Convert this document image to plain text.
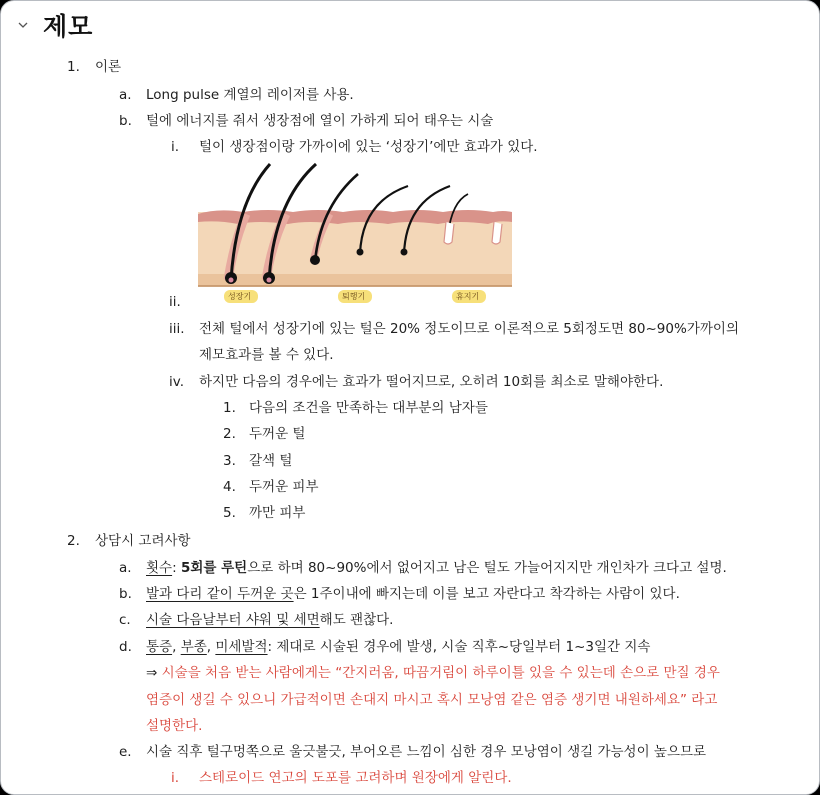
제모
1. 이론
a. Long pulse 계열의 레이저를 사용.
b. 털에 에너지를 줘서 생장점에 열이 가하게 되어 태우는 시술
i. 털이 생장점이랑 가까이에 있는 ‘성장기’에만 효과가 있다.
ii.	성장기	퇴행기	휴지기
iii. 전체 털에서 성장기에 있는 털은 20% 정도이므로 이론적으로 5회정도면 80~90%가까이의
제모효과를 볼 수 있다.
iv. 하지만 다음의 경우에는 효과가 떨어지므로, 오히려 10회를 최소로 말해야한다.
1. 다음의 조건을 만족하는 대부분의 남자들
2. 두꺼운 털
3. 갈색 털
4. 두꺼운 피부
5. 까만 피부
2. 상담시 고려사항
a. 횟수: 5회를 루틴으로 하며 80~90%에서 없어지고 남은 털도 가늘어지지만 개인차가 크다고 설명.
b. 발과 다리 같이 두꺼운 곳은 1주이내에 빠지는데 이를 보고 자란다고 착각하는 사람이 있다.
c. 시술 다음날부터 샤워 및 세면해도 괜찮다.
d. 통증, 부종, 미세발적: 제대로 시술된 경우에 발생, 시술 직후~당일부터 1~3일간 지속
⇒ 시술을 처음 받는 사람에게는 “간지러움, 따끔거림이 하루이틀 있을 수 있는데 손으로 만질 경우
염증이 생길 수 있으니 가급적이면 손대지 마시고 혹시 모낭염 같은 염증 생기면 내원하세요” 라고
설명한다.
e. 시술 직후 털구멍쪽으로 울긋불긋, 부어오른 느낌이 심한 경우 모낭염이 생길 가능성이 높으므로
i. 스테로이드 연고의 도포를 고려하며 원장에게 알린다.
